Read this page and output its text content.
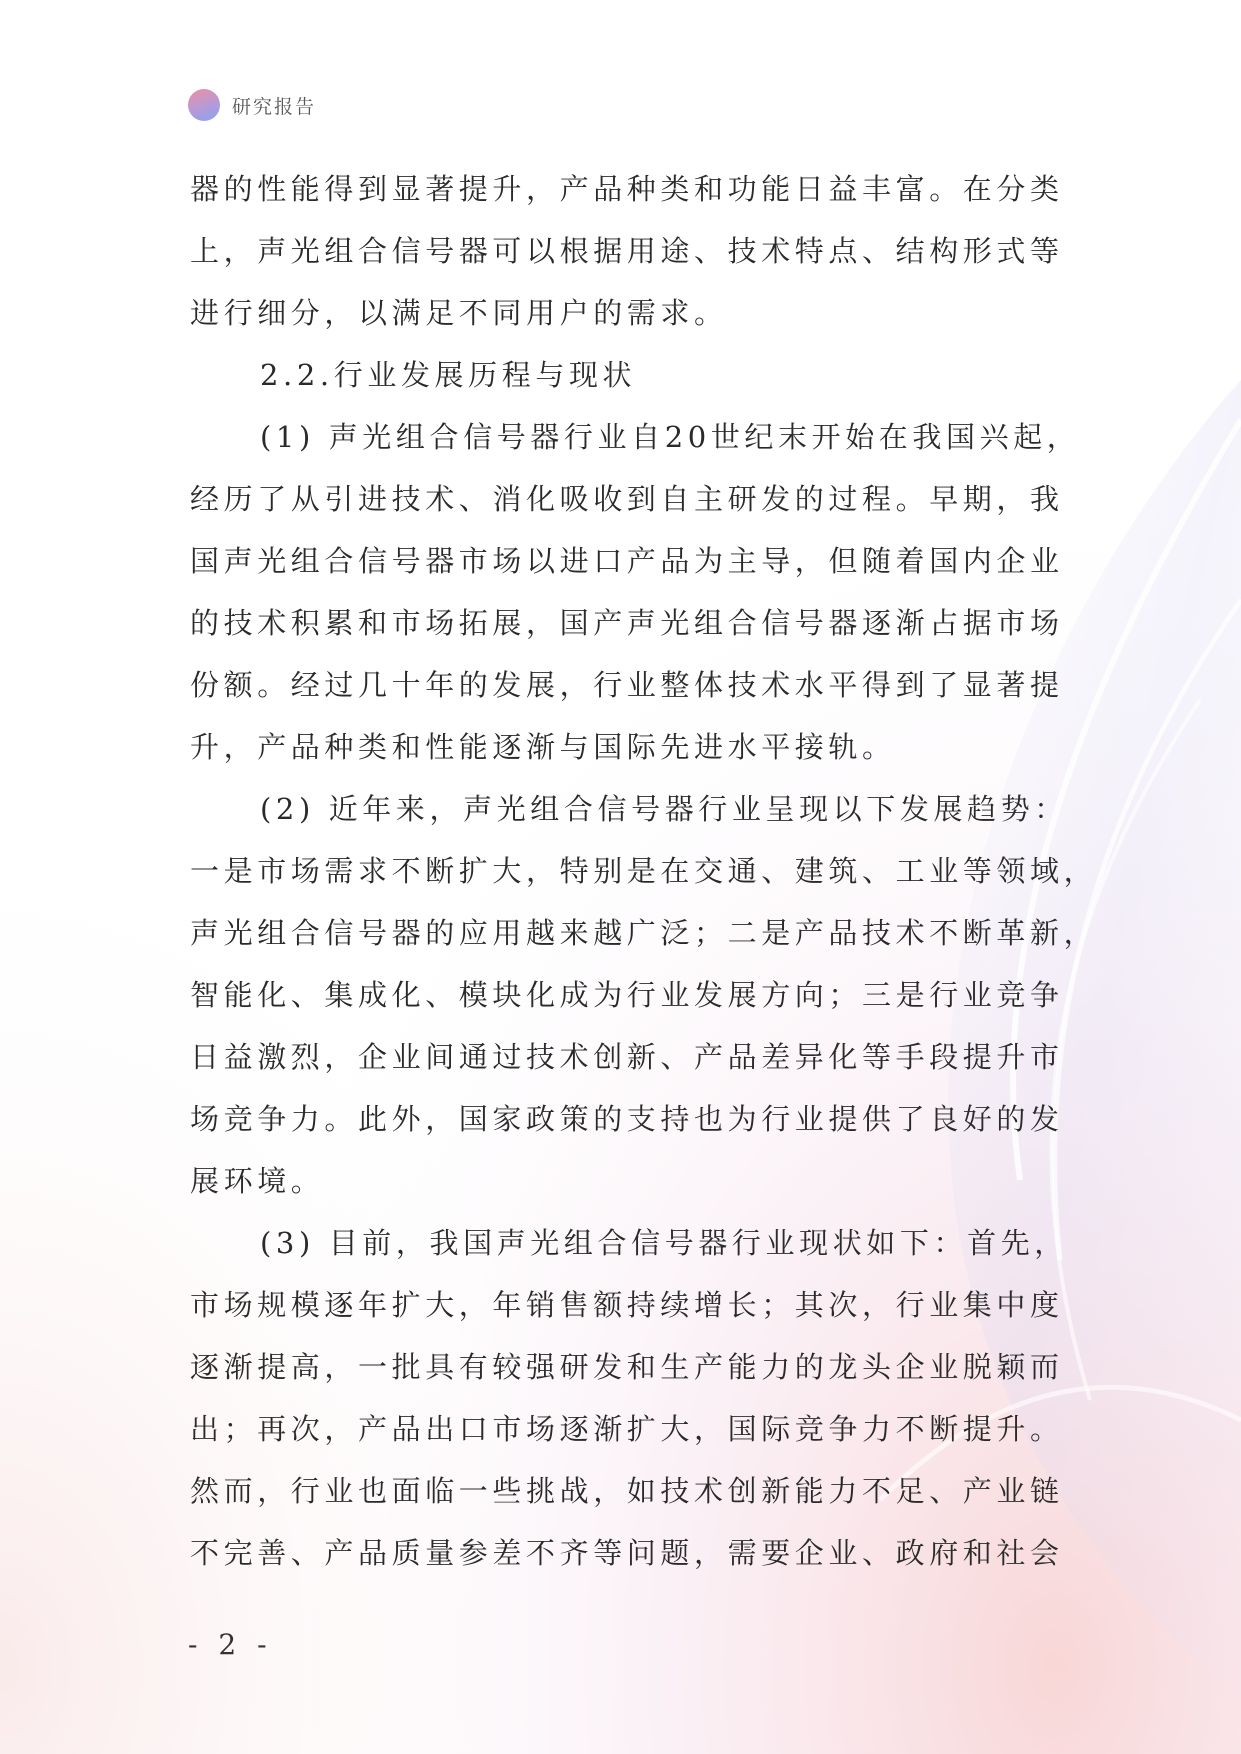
研究报告
器的性能得到显著提升，产品种类和功能日益丰富。在分类
上，声光组合信号器可以根据用途、技术特点、结构形式等
进行细分，以满足不同用户的需求。
2.2.行业发展历程与现状
(1) 声光组合信号器行业自20世纪末开始在我国兴起，
经历了从引进技术、消化吸收到自主研发的过程。早期，我
国声光组合信号器市场以进口产品为主导，但随着国内企业
的技术积累和市场拓展，国产声光组合信号器逐渐占据市场
份额。经过几十年的发展，行业整体技术水平得到了显著提
升，产品种类和性能逐渐与国际先进水平接轨。
(2) 近年来，声光组合信号器行业呈现以下发展趋势：
一是市场需求不断扩大，特别是在交通、建筑、工业等领域，
声光组合信号器的应用越来越广泛；二是产品技术不断革新，
智能化、集成化、模块化成为行业发展方向；三是行业竞争
日益激烈，企业间通过技术创新、产品差异化等手段提升市
场竞争力。此外，国家政策的支持也为行业提供了良好的发
展环境。
(3) 目前，我国声光组合信号器行业现状如下：首先，
市场规模逐年扩大，年销售额持续增长；其次，行业集中度
逐渐提高，一批具有较强研发和生产能力的龙头企业脱颖而
出；再次，产品出口市场逐渐扩大，国际竞争力不断提升。
然而，行业也面临一些挑战，如技术创新能力不足、产业链
不完善、产品质量参差不齐等问题，需要企业、政府和社会
- 2 -
